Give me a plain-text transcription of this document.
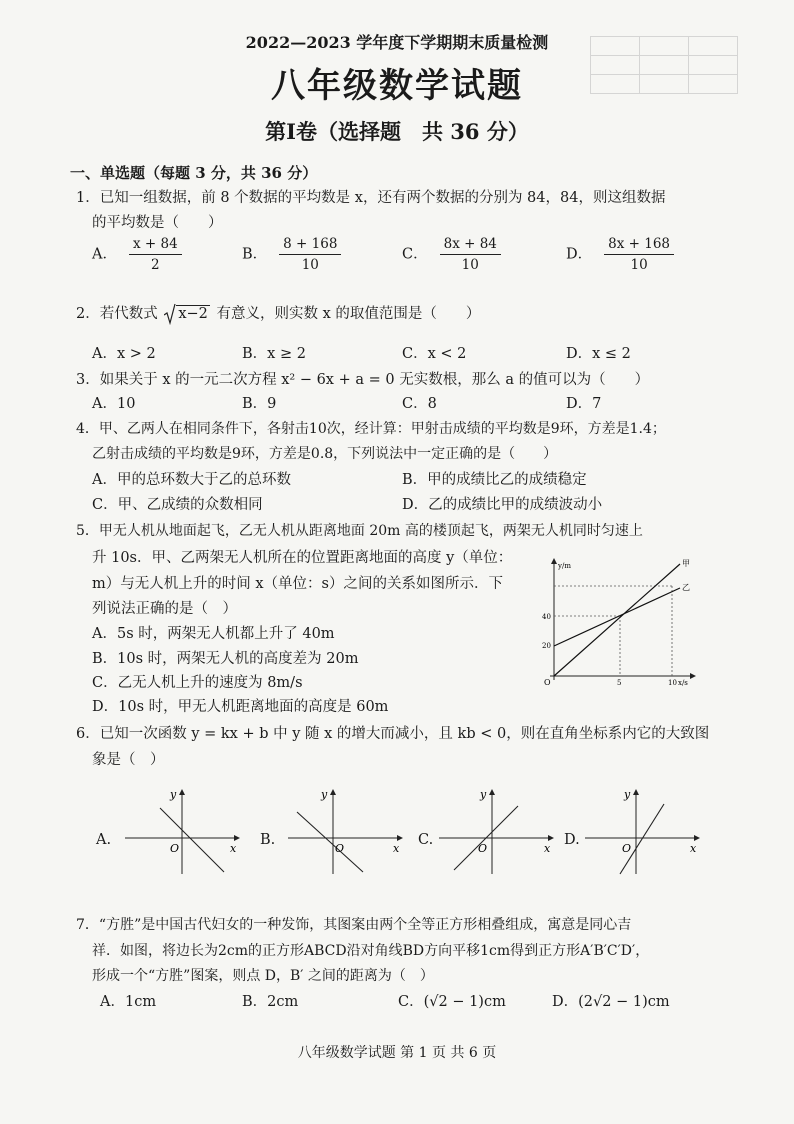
2022—2023 学年度下学期期末质量检测
八年级数学试题
第Ⅰ卷（选择题　共 36 分）
一、单选题（每题 3 分，共 36 分）
1．已知一组数据，前 8 个数据的平均数是 x，还有两个数据的分别为 84，84，则这组数据
的平均数是（　　）
A． $\frac{x + 84}{2}$	B． $\frac{8 + 168}{10}$	C． $\frac{8x + 84}{10}$	D． $\frac{8x + 168}{10}$
2．若代数式 x−2 有意义，则实数 x 的取值范围是（　　）
A．x > 2	B．x ≥ 2	C．x < 2	D．x ≤ 2
3．如果关于 x 的一元二次方程 x² − 6x + a = 0 无实数根，那么 a 的值可以为（　　）
A．10	B．9	C．8	D．7
4．甲、乙两人在相同条件下，各射击10次，经计算：甲射击成绩的平均数是9环，方差是1.4；
乙射击成绩的平均数是9环，方差是0.8，下列说法中一定正确的是（　　）
A．甲的总环数大于乙的总环数	B．甲的成绩比乙的成绩稳定
C．甲、乙成绩的众数相同	D．乙的成绩比甲的成绩波动小
5．甲无人机从地面起飞，乙无人机从距离地面 20m 高的楼顶起飞，两架无人机同时匀速上
升 10s．甲、乙两架无人机所在的位置距离地面的高度 y（单位：
m）与无人机上升的时间 x（单位：s）之间的关系如图所示．下
列说法正确的是（　）
A．5s 时，两架无人机都上升了 40m
B．10s 时，两架无人机的高度差为 20m
C．乙无人机上升的速度为 8m/s
D．10s 时，甲无人机距离地面的高度是 60m
y/m
x/s
O
20
40
5	10
甲
乙
6．已知一次函数 y = kx + b 中 y 随 x 的增大而减小，且 kb < 0，则在直角坐标系内它的大致图
象是（　）
A.
y
x
O
B.
y
x
O
C.
y
x
O
D.
y
x
O
7．“方胜”是中国古代妇女的一种发饰，其图案由两个全等正方形相叠组成，寓意是同心吉
祥．如图，将边长为2cm的正方形ABCD沿对角线BD方向平移1cm得到正方形A′B′C′D′，
形成一个“方胜”图案，则点 D，B′ 之间的距离为（　）
A．1cm	B．2cm	C．(√2 − 1)cm	D．(2√2 − 1)cm
八年级数学试题 第 1 页 共 6 页
